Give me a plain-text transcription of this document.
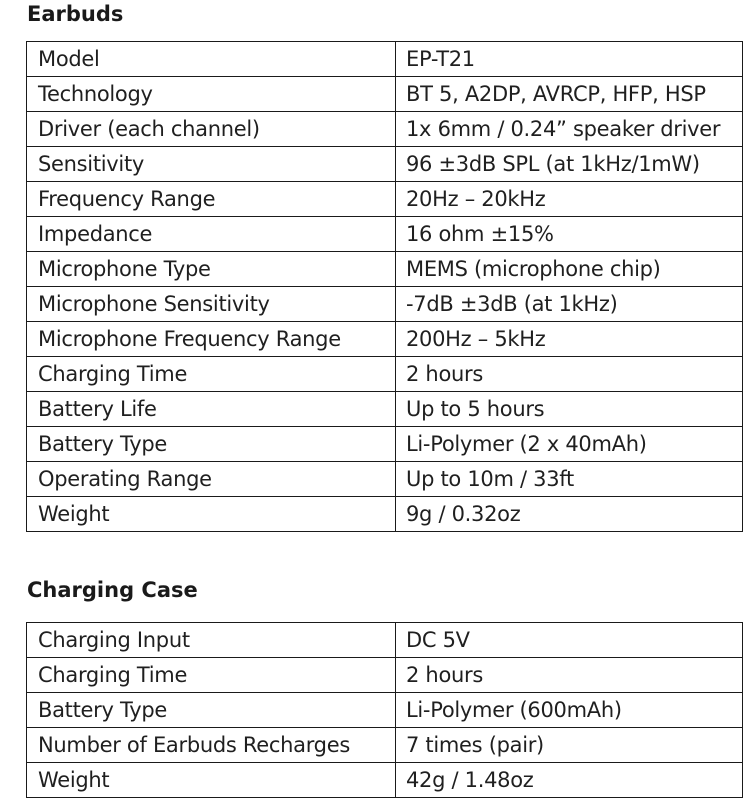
Earbuds
Model	EP-T21
Technology	BT 5, A2DP, AVRCP, HFP, HSP
Driver (each channel)	1x 6mm / 0.24” speaker driver
Sensitivity	96 ±3dB SPL (at 1kHz/1mW)
Frequency Range	20Hz – 20kHz
Impedance	16 ohm ±15%
Microphone Type	MEMS (microphone chip)
Microphone Sensitivity	-7dB ±3dB (at 1kHz)
Microphone Frequency Range	200Hz – 5kHz
Charging Time	2 hours
Battery Life	Up to 5 hours
Battery Type	Li-Polymer (2 x 40mAh)
Operating Range	Up to 10m / 33ft
Weight	9g / 0.32oz
Charging Case
Charging Input	DC 5V
Charging Time	2 hours
Battery Type	Li-Polymer (600mAh)
Number of Earbuds Recharges	7 times (pair)
Weight	42g / 1.48oz
